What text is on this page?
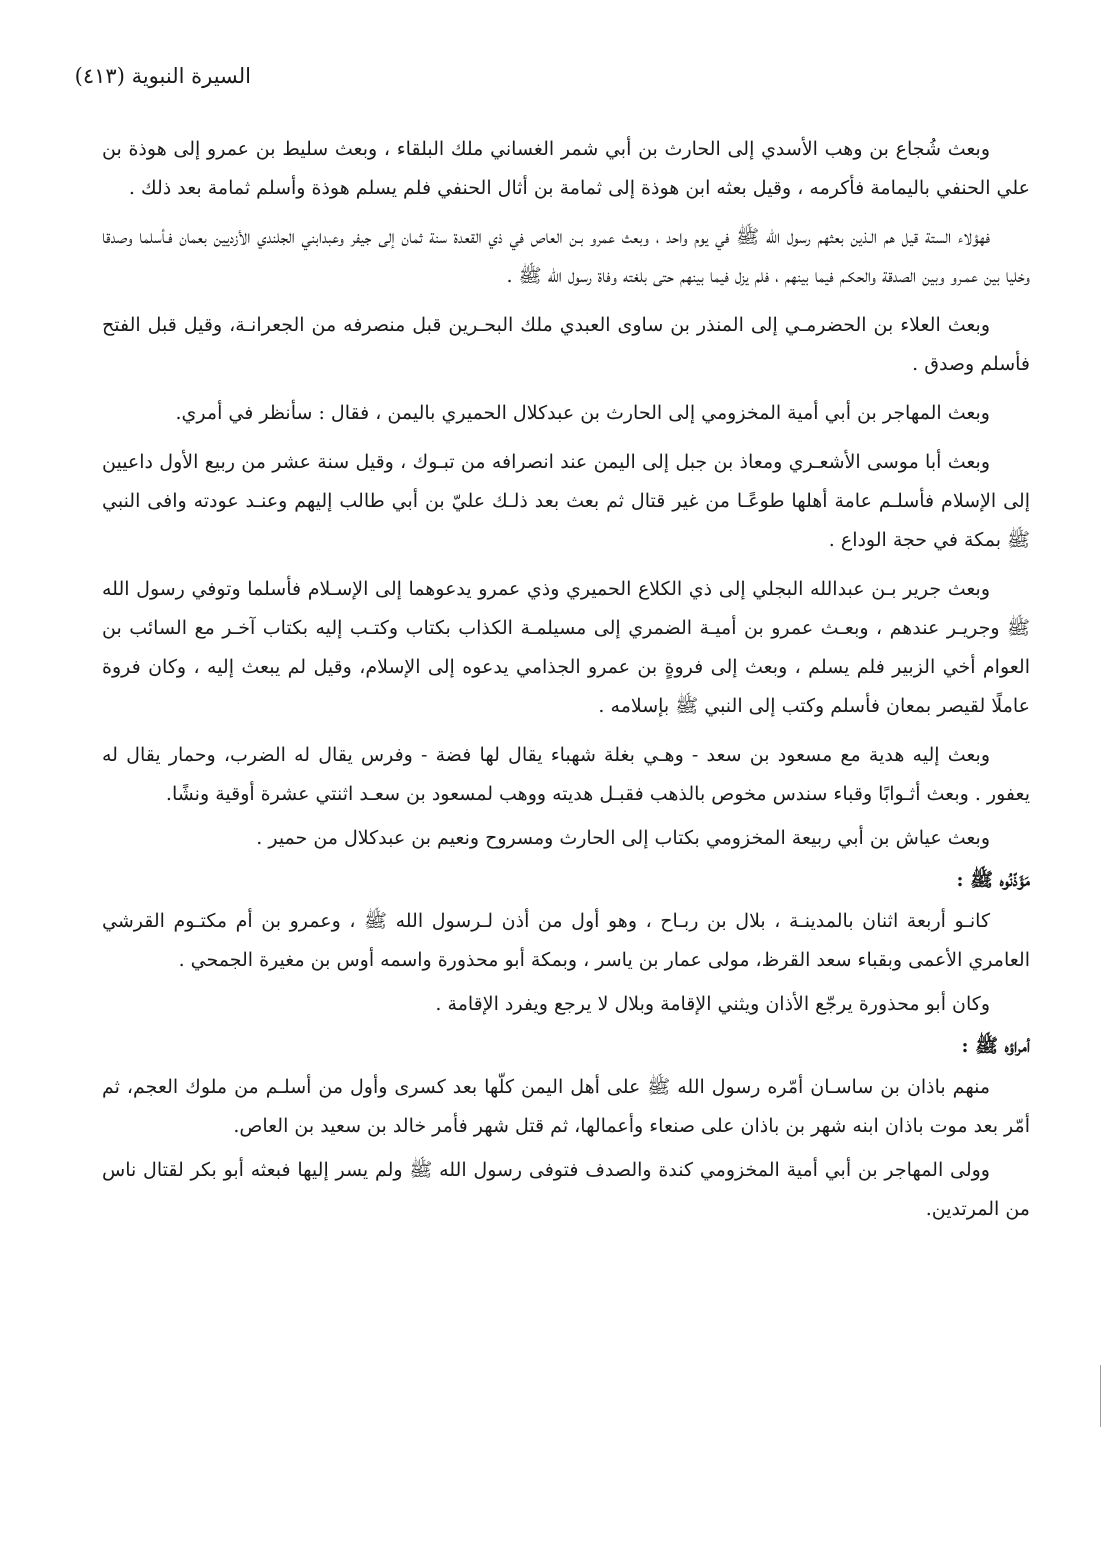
السيرة النبوية (٤١٣)

وبعث شُجاع بن وهب الأسدي إلى الحارث بن أبي شمر الغساني ملك البلقاء ، وبعث سليط بن عمرو إلى هوذة بن علي الحنفي باليمامة فأكرمه ، وقيل بعثه ابن هوذة إلى ثمامة بن أثال الحنفي فلم يسلم هوذة وأسلم ثمامة بعد ذلك .

فهؤلاء الستة قيل هم الـذين بعثهم رسول الله ﷺ في يوم واحد ، وبعث عمرو بـن العاص في ذي القعدة سنة ثمان إلى جيفر وعبدابني الجلندي الأزديين بعمان فـأسلما وصدقا وخليا بين عمـرو وبين الصدقة والحكـم فيما بينهم ، فلم يزل فيما بينهم حتى بلغته وفاة رسول الله ﷺ .

وبعث العلاء بن الحضرمـي إلى المنذر بن ساوى العبدي ملك البحـرين قبل منصرفه من الجعرانـة، وقيل قبل الفتح فأسلم وصدق .

وبعث المهاجر بن أبي أمية المخزومي إلى الحارث بن عبدكلال الحميري باليمن ، فقال : سأنظر في أمري.

وبعث أبا موسى الأشعـري ومعاذ بن جبل إلى اليمن عند انصرافه من تبـوك ، وقيل سنة عشر من ربيع الأول داعيين إلى الإسلام فأسلـم عامة أهلها طوعًـا من غير قتال ثم بعث بعد ذلـك عليّ بن أبي طالب إليهم وعنـد عودته وافى النبي ﷺ بمكة في حجة الوداع .

وبعث جرير بـن عبدالله البجلي إلى ذي الكلاع الحميري وذي عمرو يدعوهما إلى الإسـلام فأسلما وتوفي رسول الله ﷺ وجريـر عندهم ، وبعـث عمرو بن أميـة الضمري إلى مسيلمـة الكذاب بكتاب وكتـب إليه بكتاب آخـر مع السائب بن العوام أخي الزبير فلم يسلم ، وبعث إلى فروةٍ بن عمرو الجذامي يدعوه إلى الإسلام، وقيل لم يبعث إليه ، وكان فروة عاملًا لقيصر بمعان فأسلم وكتب إلى النبي ﷺ بإسلامه .

وبعث إليه هدية مع مسعود بن سعد - وهـي بغلة شهباء يقال لها فضة - وفرس يقال له الضرب، وحمار يقال له يعفور . وبعث أثـوابًا وقباء سندس مخوص بالذهب فقبـل هديته ووهب لمسعود بن سعـد اثنتي عشرة أوقية ونشًا.

وبعث عياش بن أبي ربيعة المخزومي بكتاب إلى الحارث ومسروح ونعيم بن عبدكلال من حمير .

مَؤَذّنُوه ﷺ :

كانـو أربعة اثنان بالمدينـة ، بلال بن ربـاح ، وهو أول من أذن لـرسول الله ﷺ ، وعمرو بن أم مكتـوم القرشي العامري الأعمى وبقباء سعد القرظ، مولى عمار بن ياسر ، وبمكة أبو محذورة واسمه أوس بن مغيرة الجمحي .

وكان أبو محذورة يرجّع الأذان ويثني الإقامة وبلال لا يرجع ويفرد الإقامة .

أمراؤه ﷺ :

منهم باذان بن ساسـان أمّره رسول الله ﷺ على أهل اليمن كلّها بعد كسرى وأول من أسلـم من ملوك العجم، ثم أمّر بعد موت باذان ابنه شهر بن باذان على صنعاء وأعمالها، ثم قتل شهر فأمر خالد بن سعيد بن العاص.

وولى المهاجر بن أبي أمية المخزومي كندة والصدف فتوفى رسول الله ﷺ ولم يسر إليها فبعثه أبو بكر لقتال ناس من المرتدين.
